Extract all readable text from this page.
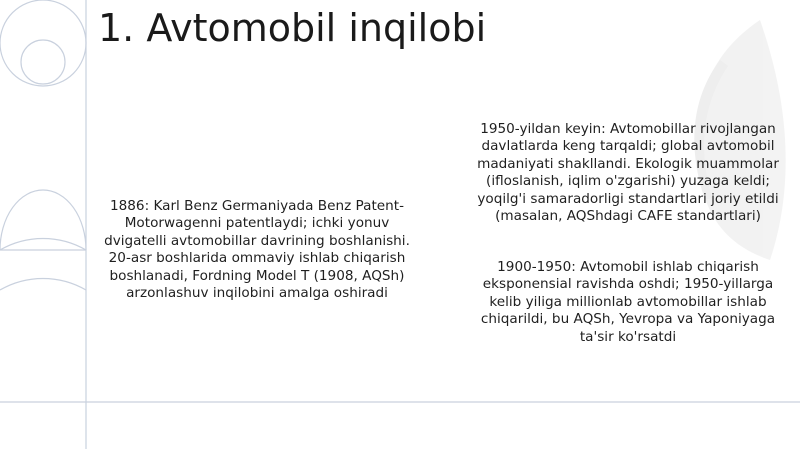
1. Avtomobil inqilobi
1886: Karl Benz Germaniyada Benz Patent-Motorwagenni patentlaydi; ichki yonuv dvigatelli avtomobillar davrining boshlanishi. 20-asr boshlarida ommaviy ishlab chiqarish boshlanadi, Fordning Model T (1908, AQSh) arzonlashuv inqilobini amalga oshiradi
1950-yildan keyin: Avtomobillar rivojlangan davlatlarda keng tarqaldi; global avtomobil madaniyati shakllandi. Ekologik muammolar (ifloslanish, iqlim o'zgarishi) yuzaga keldi; yoqilg'i samaradorligi standartlari joriy etildi (masalan, AQShdagi CAFE standartlari)
1900-1950: Avtomobil ishlab chiqarish eksponensial ravishda oshdi; 1950-yillarga kelib yiliga millionlab avtomobillar ishlab chiqarildi, bu AQSh, Yevropa va Yaponiyaga ta'sir ko'rsatdi
